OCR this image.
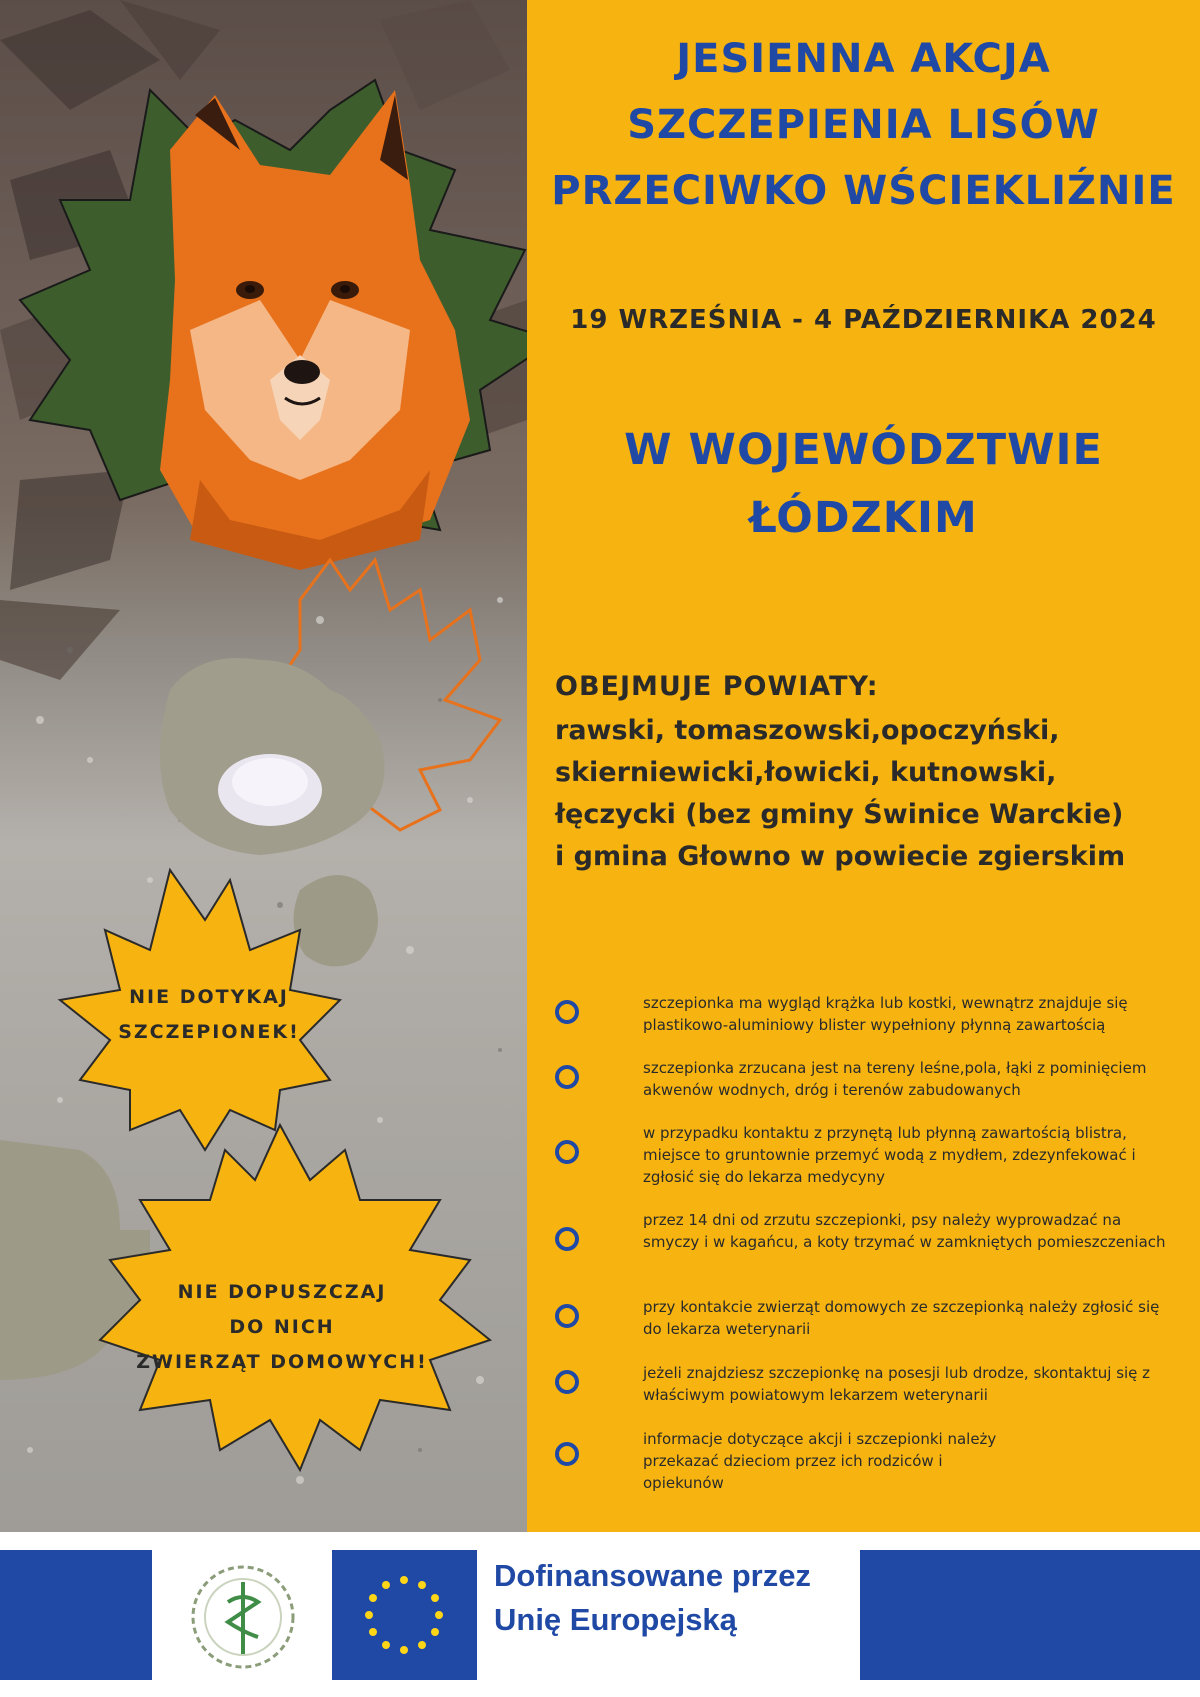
NIE DOTYKAJ
SZCZEPIONEK!
NIE DOPUSZCZAJ
DO NICH
ZWIERZĄT DOMOWYCH!
JESIENNA AKCJA
SZCZEPIENIA LISÓW
PRZECIWKO WŚCIEKLIŹNIE
19 WRZEŚNIA - 4 PAŹDZIERNIKA 2024
W WOJEWÓDZTWIE
ŁÓDZKIM
OBEJMUJE POWIATY:
rawski, tomaszowski,opoczyński,
skierniewicki,łowicki, kutnowski,
łęczycki (bez gminy Świnice Warckie)
i gmina Głowno w powiecie zgierskim
szczepionka ma wygląd krążka lub kostki, wewnątrz znajduje się plastikowo-aluminiowy blister wypełniony płynną zawartością
szczepionka zrzucana jest na tereny leśne,pola, łąki z pominięciem akwenów wodnych, dróg i terenów zabudowanych
w przypadku kontaktu z przynętą lub płynną zawartością blistra, miejsce to gruntownie przemyć wodą z mydłem, zdezynfekować i zgłosić się do lekarza medycyny
przez 14 dni od zrzutu szczepionki, psy należy wyprowadzać na smyczy i w kagańcu, a koty trzymać w zamkniętych pomieszczeniach
przy kontakcie zwierząt domowych ze szczepionką należy zgłosić się do lekarza weterynarii
jeżeli znajdziesz szczepionkę na posesji lub drodze, skontaktuj się z właściwym powiatowym lekarzem weterynarii
informacje dotyczące akcji i szczepionki należy przekazać dzieciom przez ich rodziców i opiekunów
Dofinansowane przez
Unię Europejską
